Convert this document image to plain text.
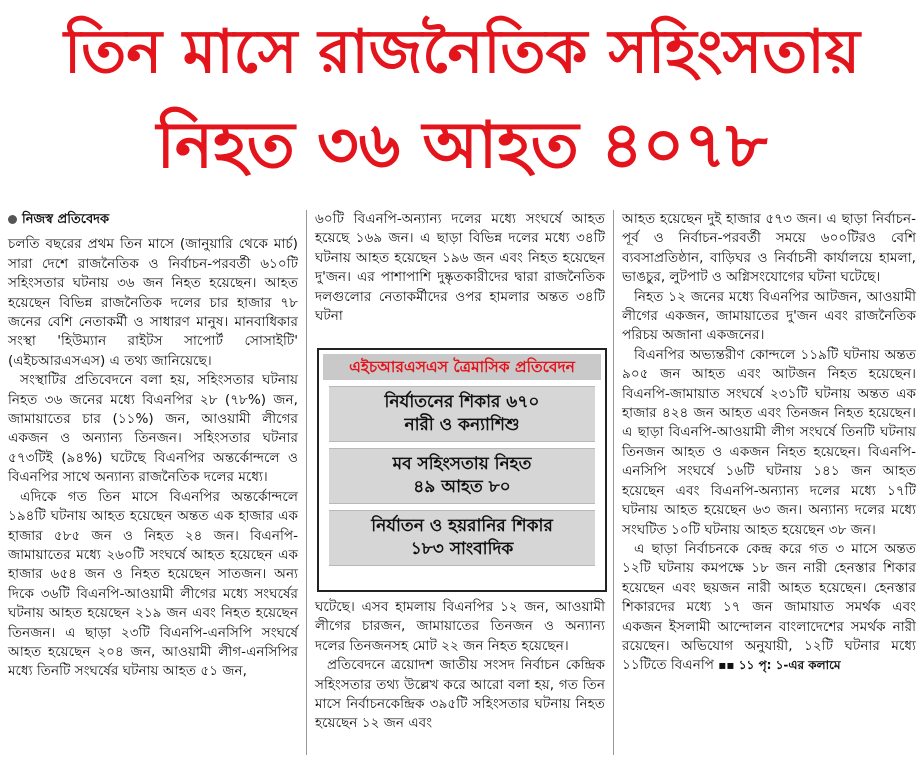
তিন মাসে রাজনৈতিক সহিংসতায়
নিহত ৩৬ আহত ৪০৭৮
নিজস্ব প্রতিবেদক

চলতি বছরের প্রথম তিন মাসে (জানুয়ারি থেকে মার্চ) সারা দেশে রাজনৈতিক ও নির্বাচন-পরবর্তী ৬১০টি সহিংসতার ঘটনায় ৩৬ জন নিহত হয়েছেন। আহত হয়েছেন বিভিন্ন রাজনৈতিক দলের চার হাজার ৭৮ জনের বেশি নেতাকর্মী ও সাধারণ মানুষ। মানবাধিকার সংস্থা 'হিউম্যান রাইটস সাপোর্ট সোসাইটি' (এইচআরএসএস) এ তথ্য জানিয়েছে।

সংস্থাটির প্রতিবেদনে বলা হয়, সহিংসতার ঘটনায় নিহত ৩৬ জনের মধ্যে বিএনপির ২৮ (৭৮%) জন, জামায়াতের চার (১১%) জন, আওয়ামী লীগের একজন ও অন্যান্য তিনজন। সহিংসতার ঘটনার ৫৭৩টিই (৯৪%) ঘটেছে বিএনপির অন্তর্কোন্দলে ও বিএনপির সাথে অন্যান্য রাজনৈতিক দলের মধ্যে।

এদিকে গত তিন মাসে বিএনপির অন্তর্কোন্দলে ১৯৪টি ঘটনায় আহত হয়েছেন অন্তত এক হাজার এক হাজার ৫৮৫ জন ও নিহত ২৪ জন। বিএনপি-জামায়াতের মধ্যে ২৬০টি সংঘর্ষে আহত হয়েছেন এক হাজার ৬৫৪ জন ও নিহত হয়েছেন সাতজন। অন্য দিকে ৩৬টি বিএনপি-আওয়ামী লীগের মধ্যে সংঘর্ষের ঘটনায় আহত হয়েছেন ২১৯ জন এবং নিহত হয়েছেন তিনজন। এ ছাড়া ২৩টি বিএনপি-এনসিপি সংঘর্ষে আহত হয়েছেন ২০৪ জন, আওয়ামী লীগ-এনসিপির মধ্যে তিনটি সংঘর্ষের ঘটনায় আহত ৫১ জন,

৬০টি বিএনপি-অন্যান্য দলের মধ্যে সংঘর্ষে আহত হয়েছে ১৬৯ জন। এ ছাড়া বিভিন্ন দলের মধ্যে ৩৪টি ঘটনায় আহত হয়েছেন ১৯৬ জন এবং নিহত হয়েছেন দু'জন। এর পাশাপাশি দুষ্কৃতকারীদের দ্বারা রাজনৈতিক দলগুলোর নেতাকর্মীদের ওপর হামলার অন্তত ৩৪টি ঘটনা

এইচআরএসএস ত্রৈমাসিক প্রতিবেদন
নির্যাতনের শিকার ৬৭০
নারী ও কন্যাশিশু
মব সহিংসতায় নিহত
৪৯ আহত ৮০
নির্যাতন ও হয়রানির শিকার
১৮৩ সাংবাদিক

ঘটেছে। এসব হামলায় বিএনপির ১২ জন, আওয়ামী লীগের চারজন, জামায়াতের তিনজন ও অন্যান্য দলের তিনজনসহ মোট ২২ জন নিহত হয়েছেন।

প্রতিবেদনে ত্রয়োদশ জাতীয় সংসদ নির্বাচন কেন্দ্রিক সহিংসতার তথ্য উল্লেখ করে আরো বলা হয়, গত তিন মাসে নির্বাচনকেন্দ্রিক ৩৯৫টি সহিংসতার ঘটনায় নিহত হয়েছেন ১২ জন এবং

আহত হয়েছেন দুই হাজার ৫৭৩ জন। এ ছাড়া নির্বাচন-পূর্ব ও নির্বাচন-পরবর্তী সময়ে ৬০০টিরও বেশি ব্যবসাপ্রতিষ্ঠান, বাড়িঘর ও নির্বাচনী কার্যালয়ে হামলা, ভাঙচুর, লুটপাট ও অগ্নিসংযোগের ঘটনা ঘটেছে।

নিহত ১২ জনের মধ্যে বিএনপির আটজন, আওয়ামী লীগের একজন, জামায়াতের দু'জন এবং রাজনৈতিক পরিচয় অজানা একজনের।

বিএনপির অভ্যন্তরীণ কোন্দলে ১১৯টি ঘটনায় অন্তত ৯০৫ জন আহত এবং আটজন নিহত হয়েছেন। বিএনপি-জামায়াত সংঘর্ষে ২৩১টি ঘটনায় অন্তত এক হাজার ৪২৪ জন আহত এবং তিনজন নিহত হয়েছেন। এ ছাড়া বিএনপি-আওয়ামী লীগ সংঘর্ষে তিনটি ঘটনায় তিনজন আহত ও একজন নিহত হয়েছেন। বিএনপি-এনসিপি সংঘর্ষে ১৬টি ঘটনায় ১৪১ জন আহত হয়েছেন এবং বিএনপি-অন্যান্য দলের মধ্যে ১৭টি ঘটনায় আহত হয়েছেন ৬৩ জন। অন্যান্য দলের মধ্যে সংঘটিত ১০টি ঘটনায় আহত হয়েছেন ৩৮ জন।

এ ছাড়া নির্বাচনকে কেন্দ্র করে গত ৩ মাসে অন্তত ১২টি ঘটনায় কমপক্ষে ১৮ জন নারী হেনস্তার শিকার হয়েছেন এবং ছয়জন নারী আহত হয়েছেন। হেনস্তার শিকারদের মধ্যে ১৭ জন জামায়াত সমর্থক এবং একজন ইসলামী আন্দোলন বাংলাদেশের সমর্থক নারী রয়েছেন। অভিযোগ অনুযায়ী, ১২টি ঘটনার মধ্যে ১১টিতে বিএনপি ▪▪ ১১ পৃ: ১-এর কলামে
